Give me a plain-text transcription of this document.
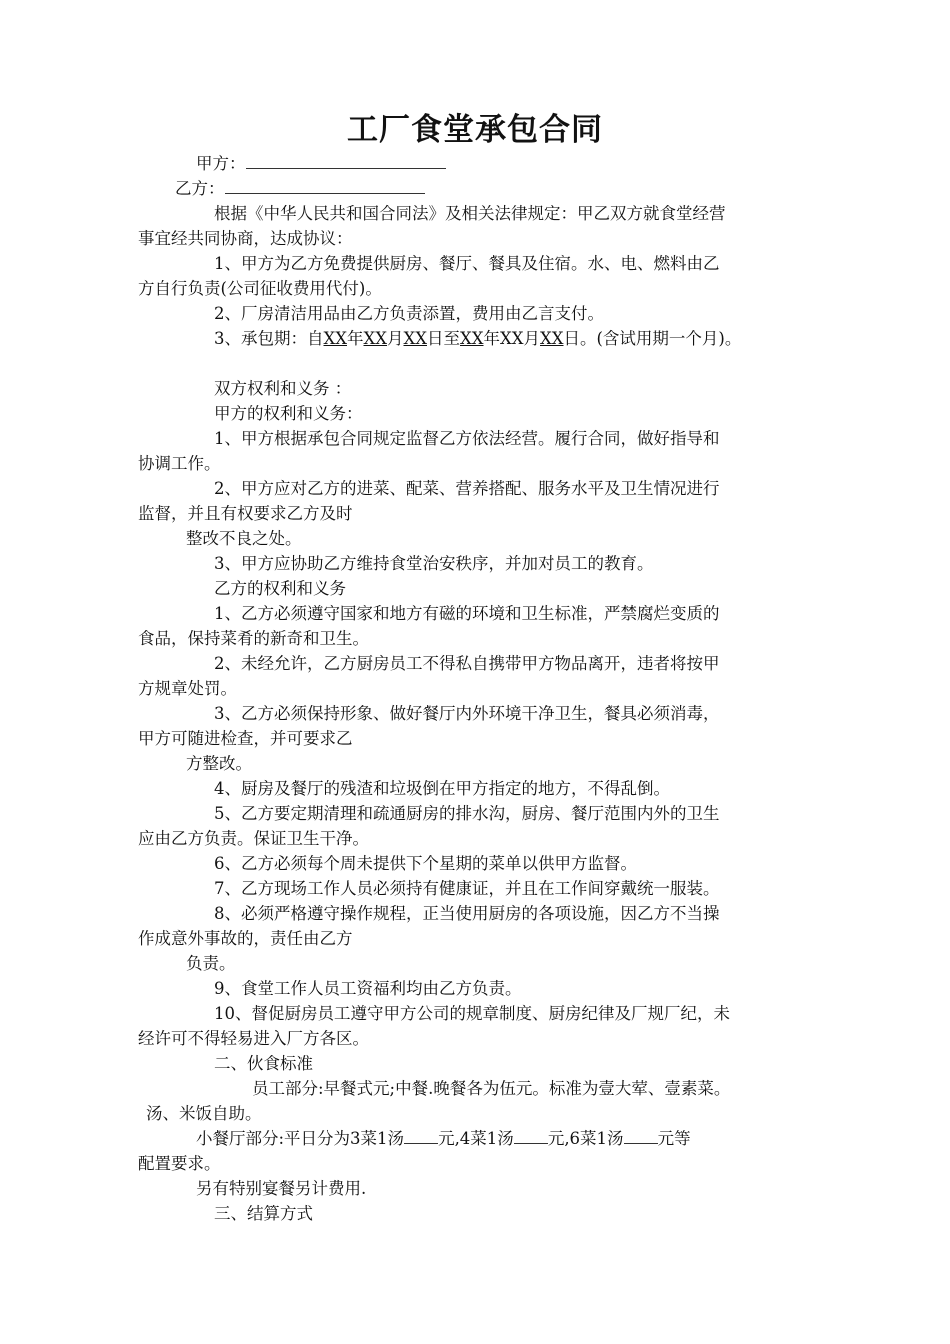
工厂食堂承包合同
甲方：
乙方：
根据《中华人民共和国合同法》及相关法律规定：甲乙双方就食堂经营
事宜经共同协商，达成协议：
1、甲方为乙方免费提供厨房、餐厅、餐具及住宿。水、电、燃料由乙
方自行负责(公司征收费用代付)。
2、厂房清洁用品由乙方负责添置，费用由乙言支付。
3、承包期：自XX年XX月XX日至XX年XX月XX日。(含试用期一个月)。
双方权利和义务 ：
甲方的权利和义务：
1、甲方根据承包合同规定监督乙方依法经营。履行合同，做好指导和
协调工作。
2、甲方应对乙方的进菜、配菜、营养搭配、服务水平及卫生情况进行
监督，并且有权要求乙方及时
整改不良之处。
3、甲方应协助乙方维持食堂治安秩序，并加对员工的教育。
乙方的权利和义务
1、乙方必须遵守国家和地方有磁的环境和卫生标准，严禁腐烂变质的
食品，保持菜肴的新奇和卫生。
2、未经允许，乙方厨房员工不得私自携带甲方物品离开，违者将按甲
方规章处罚。
3、乙方必须保持形象、做好餐厅内外环境干净卫生，餐具必须消毒，
甲方可随进检查，并可要求乙
方整改。
4、厨房及餐厅的残渣和垃圾倒在甲方指定的地方，不得乱倒。
5、乙方要定期清理和疏通厨房的排水沟，厨房、餐厅范围内外的卫生
应由乙方负责。保证卫生干净。
6、乙方必须每个周未提供下个星期的菜单以供甲方监督。
7、乙方现场工作人员必须持有健康证，并且在工作间穿戴统一服装。
8、必须严格遵守操作规程，正当使用厨房的各项设施，因乙方不当操
作成意外事故的，责任由乙方
负责。
9、食堂工作人员工资福利均由乙方负责。
10、督促厨房员工遵守甲方公司的规章制度、厨房纪律及厂规厂纪，未
经许可不得轻易进入厂方各区。
二、伙食标准
员工部分:早餐式元;中餐.晚餐各为伍元。标准为壹大荤、壹素菜。
汤、米饭自助。
小餐厅部分:平日分为3菜1汤 元,4菜1汤 元,6菜1汤 元等
配置要求。
另有特别宴餐另计费用.
三、结算方式
